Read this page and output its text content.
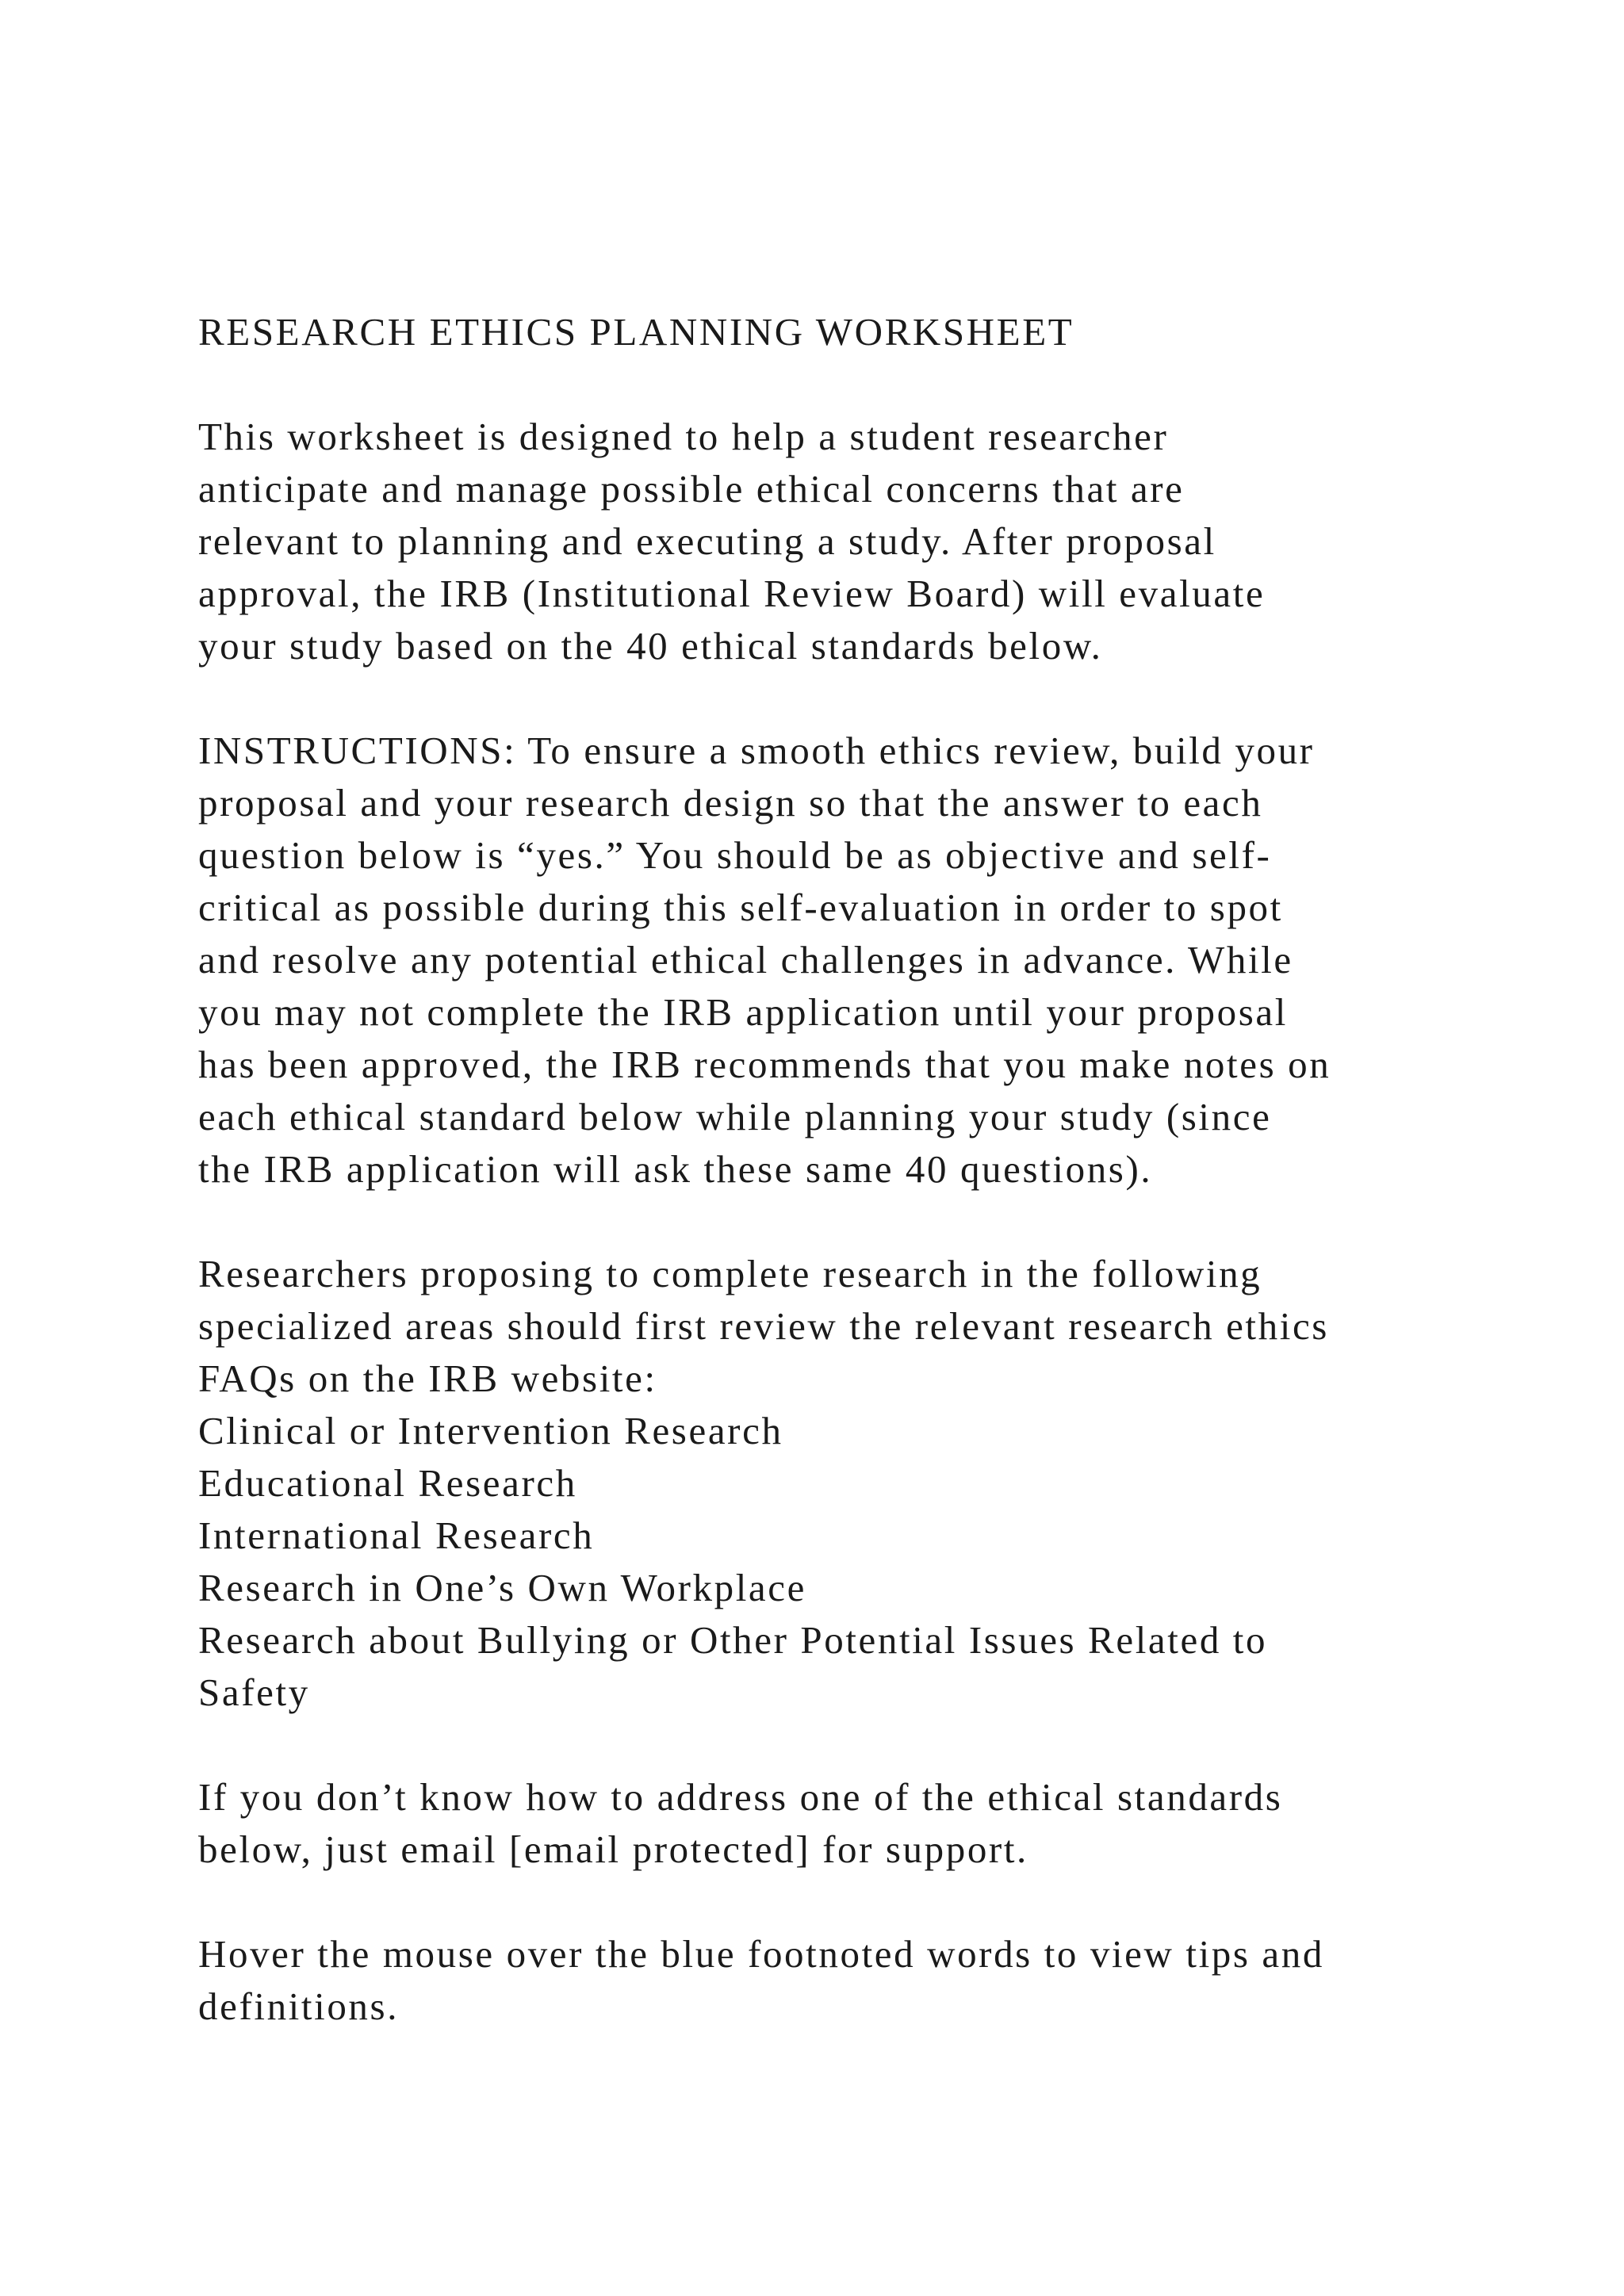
RESEARCH ETHICS PLANNING WORKSHEET
This worksheet is designed to help a student researcher
anticipate and manage possible ethical concerns that are
relevant to planning and executing a study. After proposal
approval, the IRB (Institutional Review Board) will evaluate
your study based on the 40 ethical standards below.
INSTRUCTIONS: To ensure a smooth ethics review, build your
proposal and your research design so that the answer to each
question below is “yes.” You should be as objective and self-
critical as possible during this self-evaluation in order to spot
and resolve any potential ethical challenges in advance. While
you may not complete the IRB application until your proposal
has been approved, the IRB recommends that you make notes on
each ethical standard below while planning your study (since
the IRB application will ask these same 40 questions).
Researchers proposing to complete research in the following
specialized areas should first review the relevant research ethics
FAQs on the IRB website:
Clinical or Intervention Research
Educational Research
International Research
Research in One’s Own Workplace
Research about Bullying or Other Potential Issues Related to
Safety
If you don’t know how to address one of the ethical standards
below, just email [email protected] for support.
Hover the mouse over the blue footnoted words to view tips and
definitions.
